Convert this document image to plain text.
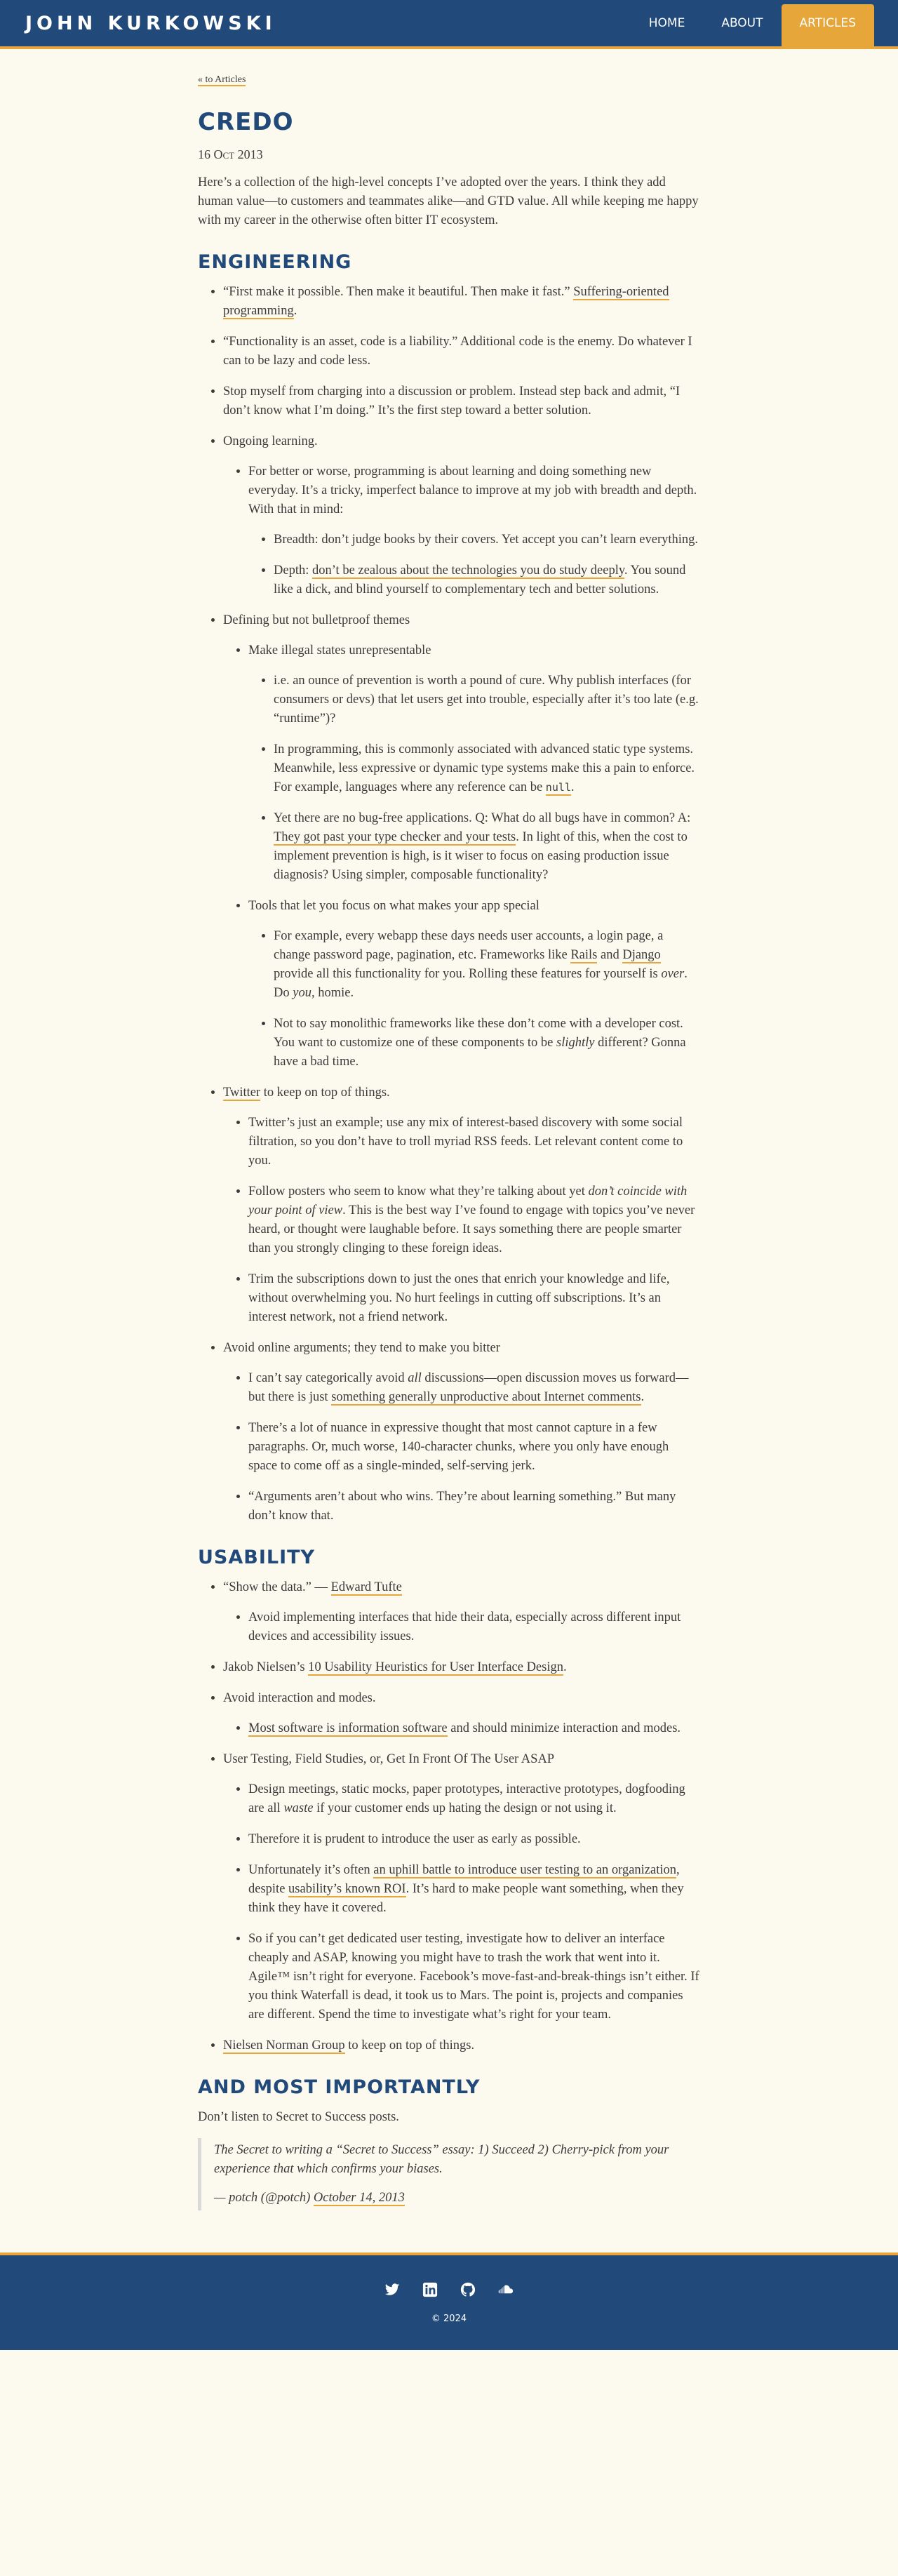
JOHN KURKOWSKI	HOME	ABOUT	ARTICLES
« to Articles
CREDO
16 Oct 2013

Here’s a collection of the high-level concepts I’ve adopted over the years. I think they add human value—to customers and teammates alike—and GTD value. All while keeping me happy with my career in the otherwise often bitter IT ecosystem.

ENGINEERING
• “First make it possible. Then make it beautiful. Then make it fast.” Suffering-oriented programming.
• “Functionality is an asset, code is a liability.” Additional code is the enemy. Do whatever I can to be lazy and code less.
• Stop myself from charging into a discussion or problem. Instead step back and admit, “I don’t know what I’m doing.” It’s the first step toward a better solution.
• Ongoing learning.
• For better or worse, programming is about learning and doing something new everyday. It’s a tricky, imperfect balance to improve at my job with breadth and depth. With that in mind:
• Breadth: don’t judge books by their covers. Yet accept you can’t learn everything.
• Depth: don’t be zealous about the technologies you do study deeply. You sound like a dick, and blind yourself to complementary tech and better solutions.
• Defining but not bulletproof themes
• Make illegal states unrepresentable
• i.e. an ounce of prevention is worth a pound of cure. Why publish interfaces (for consumers or devs) that let users get into trouble, especially after it’s too late (e.g. “runtime”)?
• In programming, this is commonly associated with advanced static type systems. Meanwhile, less expressive or dynamic type systems make this a pain to enforce. For example, languages where any reference can be null.
• Yet there are no bug-free applications. Q: What do all bugs have in common? A: They got past your type checker and your tests. In light of this, when the cost to implement prevention is high, is it wiser to focus on easing production issue diagnosis? Using simpler, composable functionality?
• Tools that let you focus on what makes your app special
• For example, every webapp these days needs user accounts, a login page, a change password page, pagination, etc. Frameworks like Rails and Django provide all this functionality for you. Rolling these features for yourself is over. Do you, homie.
• Not to say monolithic frameworks like these don’t come with a developer cost. You want to customize one of these components to be slightly different? Gonna have a bad time.
• Twitter to keep on top of things.
• Twitter’s just an example; use any mix of interest-based discovery with some social filtration, so you don’t have to troll myriad RSS feeds. Let relevant content come to you.
• Follow posters who seem to know what they’re talking about yet don’t coincide with your point of view. This is the best way I’ve found to engage with topics you’ve never heard, or thought were laughable before. It says something there are people smarter than you strongly clinging to these foreign ideas.
• Trim the subscriptions down to just the ones that enrich your knowledge and life, without overwhelming you. No hurt feelings in cutting off subscriptions. It’s an interest network, not a friend network.
• Avoid online arguments; they tend to make you bitter
• I can’t say categorically avoid all discussions—open discussion moves us forward—but there is just something generally unproductive about Internet comments.
• There’s a lot of nuance in expressive thought that most cannot capture in a few paragraphs. Or, much worse, 140-character chunks, where you only have enough space to come off as a single-minded, self-serving jerk.
• “Arguments aren’t about who wins. They’re about learning something.” But many don’t know that.
USABILITY
• “Show the data.” — Edward Tufte
• Avoid implementing interfaces that hide their data, especially across different input devices and accessibility issues.
• Jakob Nielsen’s 10 Usability Heuristics for User Interface Design.
• Avoid interaction and modes.
• Most software is information software and should minimize interaction and modes.
• User Testing, Field Studies, or, Get In Front Of The User ASAP
• Design meetings, static mocks, paper prototypes, interactive prototypes, dogfooding are all waste if your customer ends up hating the design or not using it.
• Therefore it is prudent to introduce the user as early as possible.
• Unfortunately it’s often an uphill battle to introduce user testing to an organization, despite usability’s known ROI. It’s hard to make people want something, when they think they have it covered.
• So if you can’t get dedicated user testing, investigate how to deliver an interface cheaply and ASAP, knowing you might have to trash the work that went into it. Agile™ isn’t right for everyone. Facebook’s move-fast-and-break-things isn’t either. If you think Waterfall is dead, it took us to Mars. The point is, projects and companies are different. Spend the time to investigate what’s right for your team.
• Nielsen Norman Group to keep on top of things.
AND MOST IMPORTANTLY

Don’t listen to Secret to Success posts.

The Secret to writing a “Secret to Success” essay: 1) Succeed 2) Cherry-pick from your experience that which confirms your biases.

— potch (@potch) October 14, 2013

© 2024
